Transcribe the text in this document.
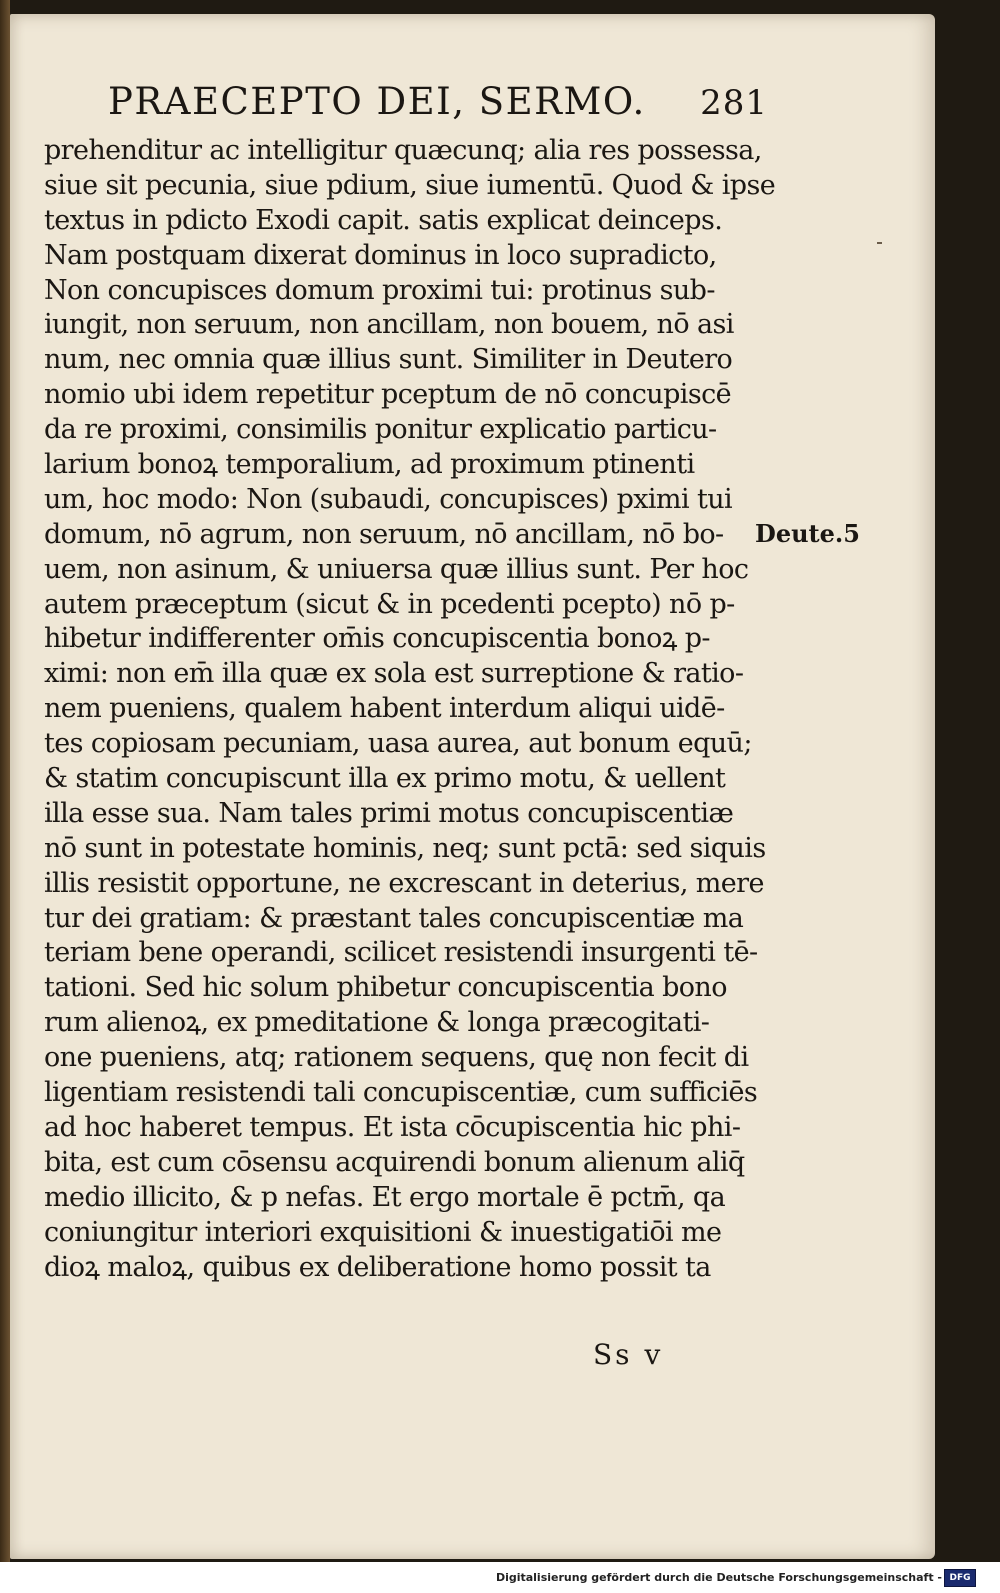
PRAECEPTO DEI, SERMO. 281
prehenditur ac intelligitur quæcunq; alia res possessa,
siue sit pecunia, siue pdium, siue iumentū. Quod & ipse
textus in pdicto Exodi capit. satis explicat deinceps.
Nam postquam dixerat dominus in loco supradicto,
Non concupisces domum proximi tui: protinus sub-
iungit, non seruum, non ancillam, non bouem, nō asi
num, nec omnia quæ illius sunt. Similiter in Deutero
nomio ubi idem repetitur pceptum de nō concupiscē
da re proximi, consimilis ponitur explicatio particu-
larium bonoꝝ temporalium, ad proximum ptinenti
um, hoc modo: Non (subaudi, concupisces) pximi tui
domum, nō agrum, non seruum, nō ancillam, nō bo-
uem, non asinum, & uniuersa quæ illius sunt. Per hoc
autem præceptum (sicut & in pcedenti pcepto) nō p-
hibetur indifferenter om̄is concupiscentia bonoꝝ p-
ximi: non em̄ illa quæ ex sola est surreptione & ratio-
nem pueniens, qualem habent interdum aliqui uidē-
tes copiosam pecuniam, uasa aurea, aut bonum equū;
& statim concupiscunt illa ex primo motu, & uellent
illa esse sua. Nam tales primi motus concupiscentiæ
nō sunt in potestate hominis, neq; sunt pctā: sed siquis
illis resistit opportune, ne excrescant in deterius, mere
tur dei gratiam: & præstant tales concupiscentiæ ma
teriam bene operandi, scilicet resistendi insurgenti tē-
tationi. Sed hic solum phibetur concupiscentia bono
rum alienoꝝ, ex pmeditatione & longa præcogitati-
one pueniens, atq; rationem sequens, quę non fecit di
ligentiam resistendi tali concupiscentiæ, cum sufficiēs
ad hoc haberet tempus. Et ista cōcupiscentia hic phi-
bita, est cum cōsensu acquirendi bonum alienum aliq̄
medio illicito, & p nefas. Et ergo mortale ē pctm̄, qa
coniungitur interiori exquisitioni & inuestigatiōi me
dioꝝ maloꝝ, quibus ex deliberatione homo possit ta
Deute.5
Ss v
Digitalisierung gefördert durch die Deutsche Forschungsgemeinschaft - DFG
